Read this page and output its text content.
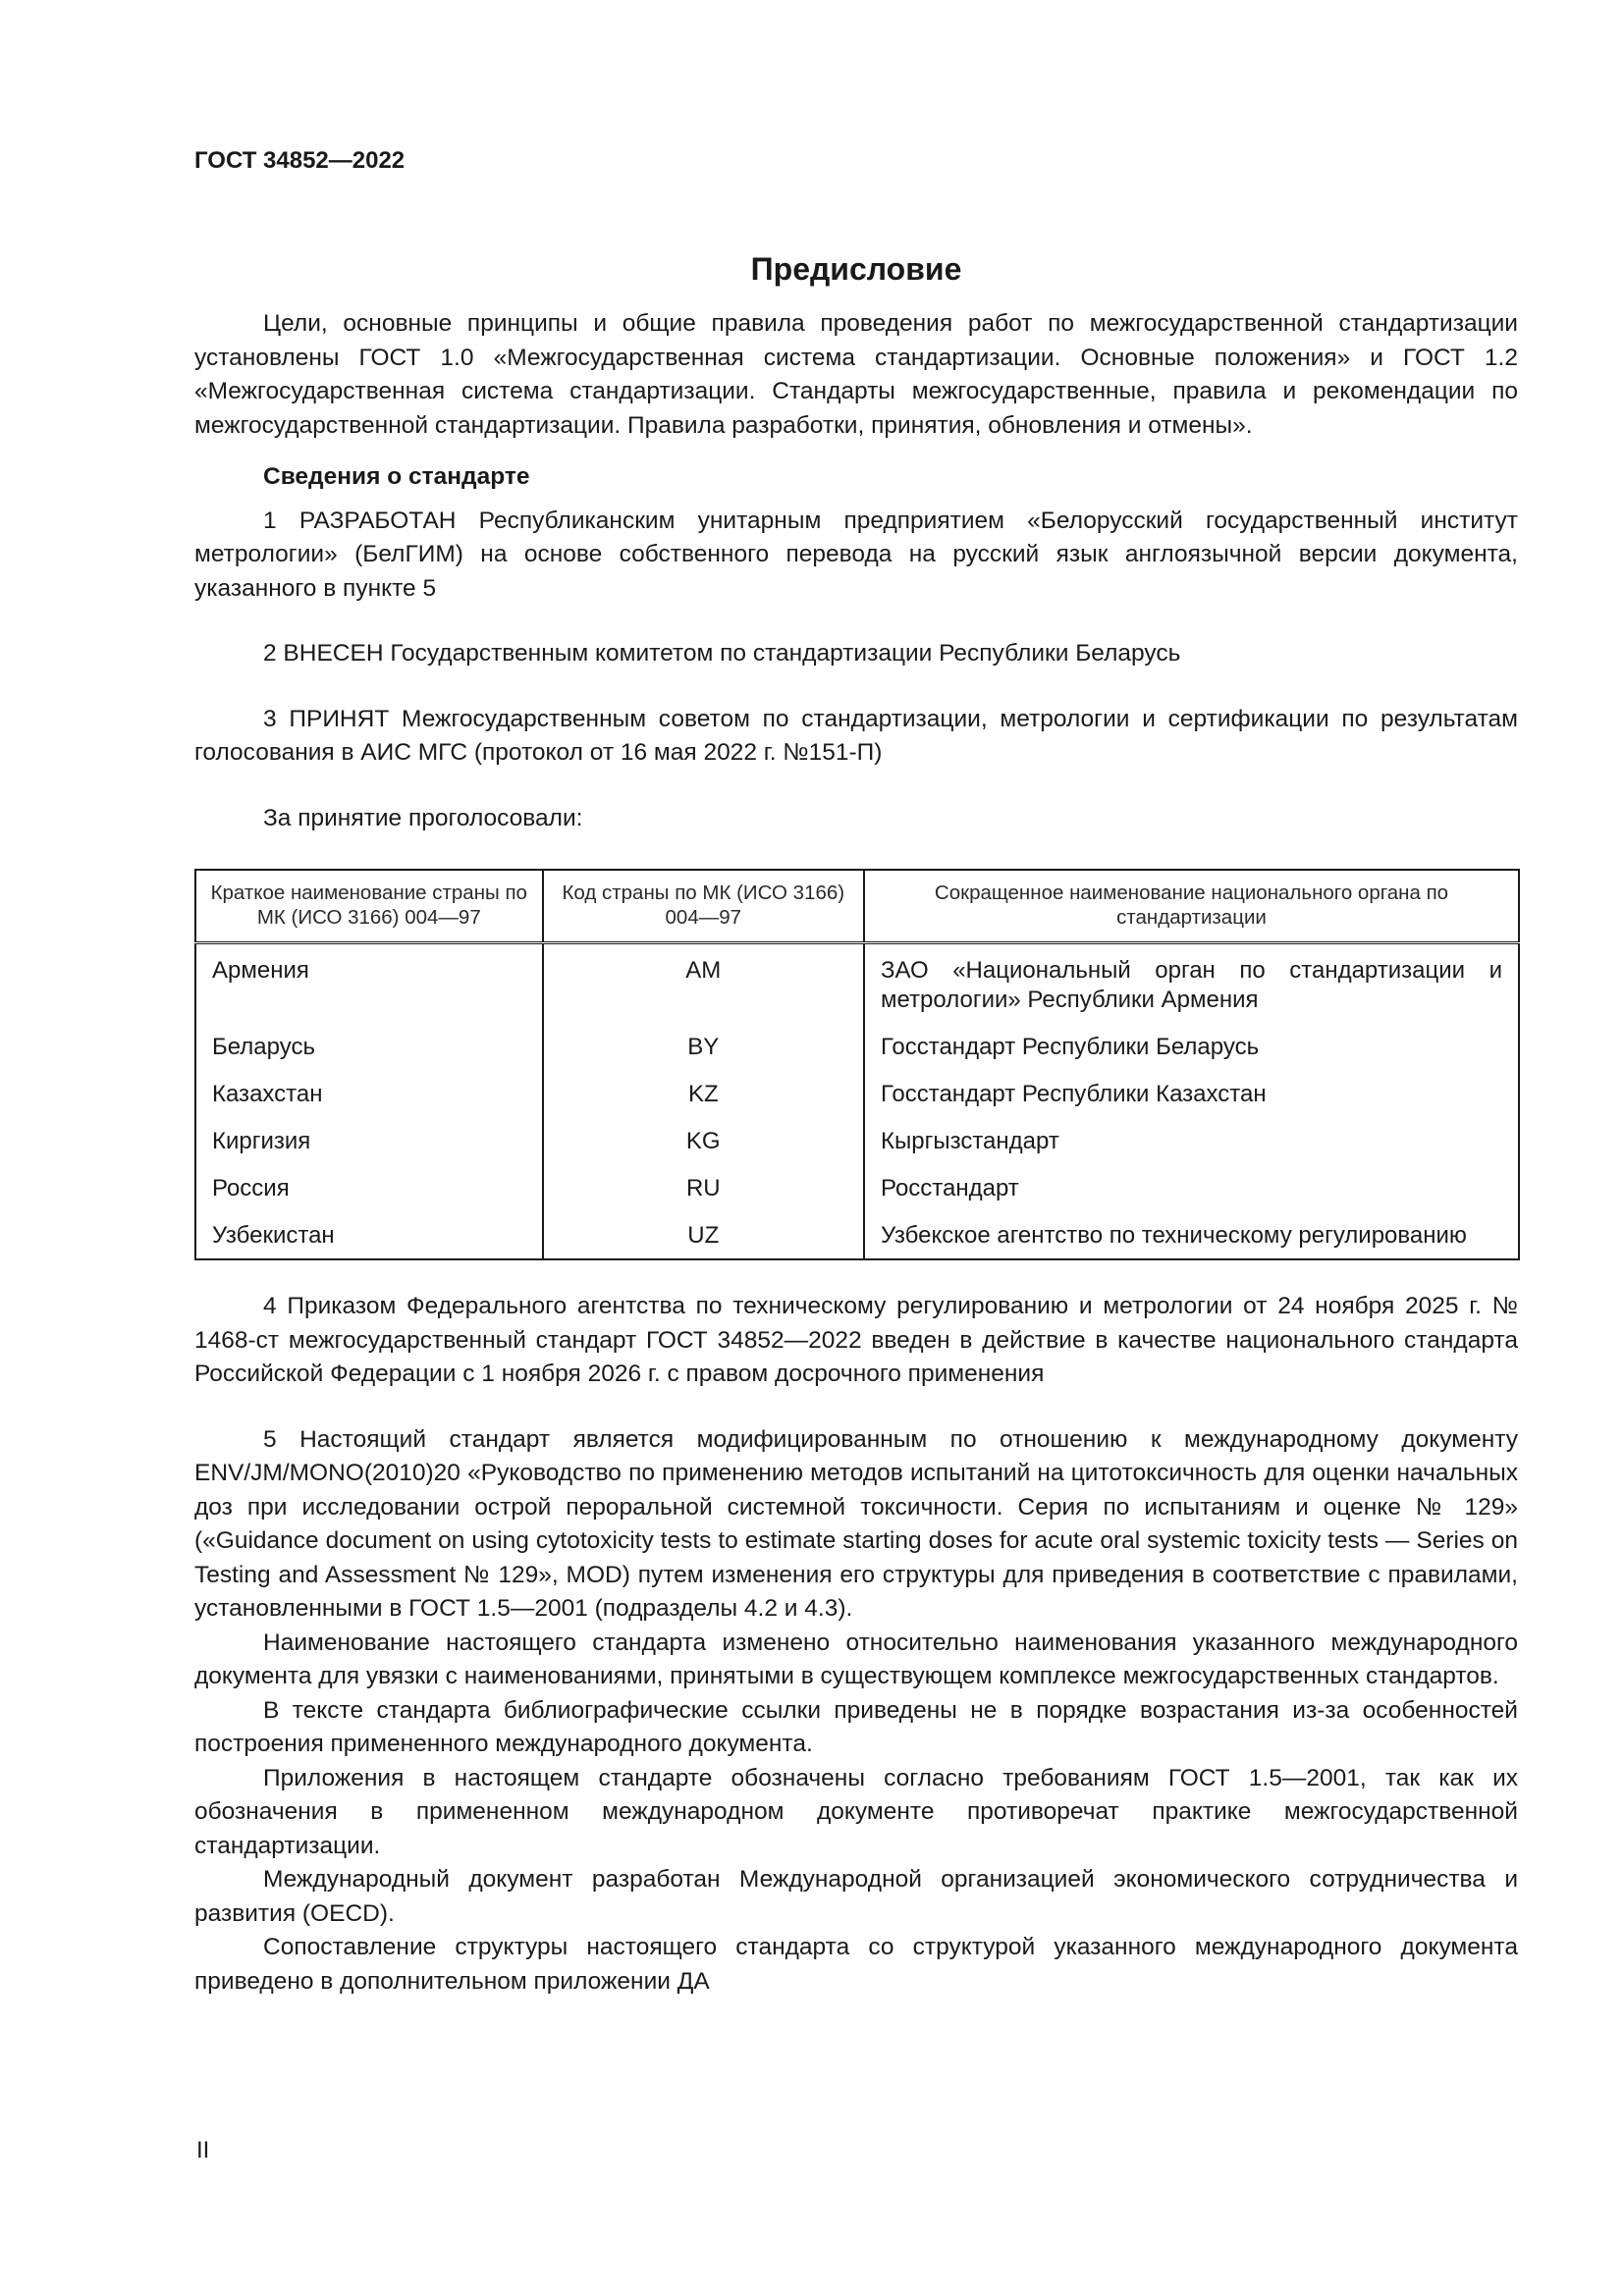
ГОСТ 34852—2022
Предисловие

Цели, основные принципы и общие правила проведения работ по межгосударственной стандартизации установлены ГОСТ 1.0 «Межгосударственная система стандартизации. Основные положения» и ГОСТ 1.2 «Межгосударственная система стандартизации. Стандарты межгосударственные, правила и рекомендации по межгосударственной стандартизации. Правила разработки, принятия, обновления и отмены».

Сведения о стандарте

1 РАЗРАБОТАН Республиканским унитарным предприятием «Белорусский государственный институт метрологии» (БелГИМ) на основе собственного перевода на русский язык англоязычной версии документа, указанного в пункте 5

2 ВНЕСЕН Государственным комитетом по стандартизации Республики Беларусь

3 ПРИНЯТ Межгосударственным советом по стандартизации, метрологии и сертификации по результатам голосования в АИС МГС (протокол от 16 мая 2022 г. №151-П)

За принятие проголосовали:

Краткое наименование страны по МК (ИСО 3166) 004—97	Код страны по МК (ИСО 3166) 004—97	Сокращенное наименование национального органа по стандартизации
Армения	AM	ЗАО «Национальный орган по стандартизации и метрологии» Республики Армения
Беларусь	BY	Госстандарт Республики Беларусь
Казахстан	KZ	Госстандарт Республики Казахстан
Киргизия	KG	Кыргызстандарт
Россия	RU	Росстандарт
Узбекистан	UZ	Узбекское агентство по техническому регулированию

4 Приказом Федерального агентства по техническому регулированию и метрологии от 24 ноября 2025 г. № 1468-ст межгосударственный стандарт ГОСТ 34852—2022 введен в действие в качестве национального стандарта Российской Федерации с 1 ноября 2026 г. с правом досрочного применения

5 Настоящий стандарт является модифицированным по отношению к международному документу ENV/JM/MONO(2010)20 «Руководство по применению методов испытаний на цитотоксичность для оценки начальных доз при исследовании острой пероральной системной токсичности. Серия по испытаниям и оценке № 129» («Guidance document on using cytotoxicity tests to estimate starting doses for acute oral systemic toxicity tests — Series on Testing and Assessment № 129», MOD) путем изменения его структуры для приведения в соответствие с правилами, установленными в ГОСТ 1.5—2001 (подразделы 4.2 и 4.3).

Наименование настоящего стандарта изменено относительно наименования указанного международного документа для увязки с наименованиями, принятыми в существующем комплексе межгосударственных стандартов.

В тексте стандарта библиографические ссылки приведены не в порядке возрастания из-за особенностей построения примененного международного документа.

Приложения в настоящем стандарте обозначены согласно требованиям ГОСТ 1.5—2001, так как их обозначения в примененном международном документе противоречат практике межгосударственной стандартизации.

Международный документ разработан Международной организацией экономического сотрудничества и развития (OECD).

Сопоставление структуры настоящего стандарта со структурой указанного международного документа приведено в дополнительном приложении ДА

II
